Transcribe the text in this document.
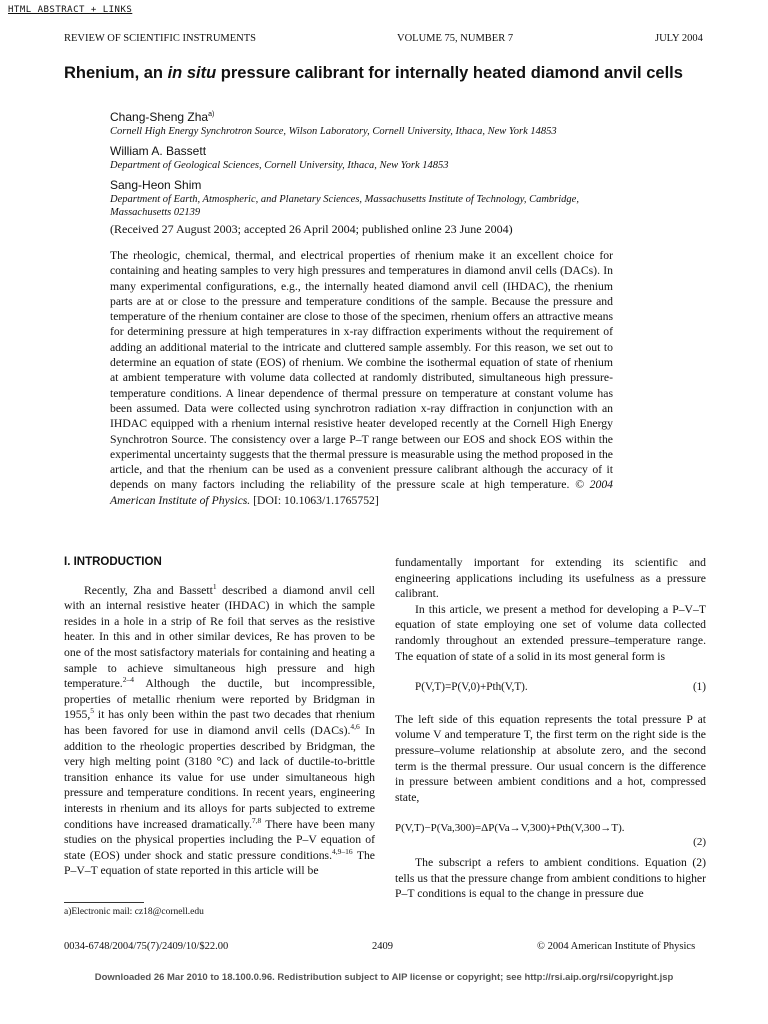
HTML ABSTRACT + LINKS
REVIEW OF SCIENTIFIC INSTRUMENTS	VOLUME 75, NUMBER 7	JULY 2004
Rhenium, an in situ pressure calibrant for internally heated diamond anvil cells
Chang-Sheng Zha$^{a)}$
Cornell High Energy Synchrotron Source, Wilson Laboratory, Cornell University, Ithaca, New York 14853
William A. Bassett
Department of Geological Sciences, Cornell University, Ithaca, New York 14853
Sang-Heon Shim
Department of Earth, Atmospheric, and Planetary Sciences, Massachusetts Institute of Technology, Cambridge, Massachusetts 02139
(Received 27 August 2003; accepted 26 April 2004; published online 23 June 2004)
The rheologic, chemical, thermal, and electrical properties of rhenium make it an excellent choice for containing and heating samples to very high pressures and temperatures in diamond anvil cells (DACs). In many experimental configurations, e.g., the internally heated diamond anvil cell (IHDAC), the rhenium parts are at or close to the pressure and temperature conditions of the sample. Because the pressure and temperature of the rhenium container are close to those of the specimen, rhenium offers an attractive means for determining pressure at high temperatures in x-ray diffraction experiments without the requirement of adding an additional material to the intricate and cluttered sample assembly. For this reason, we set out to determine an equation of state (EOS) of rhenium. We combine the isothermal equation of state of rhenium at ambient temperature with volume data collected at randomly distributed, simultaneous high pressure-temperature conditions. A linear dependence of thermal pressure on temperature at constant volume has been assumed. Data were collected using synchrotron radiation x-ray diffraction in conjunction with an IHDAC equipped with a rhenium internal resistive heater developed recently at the Cornell High Energy Synchrotron Source. The consistency over a large P–T range between our EOS and shock EOS within the experimental uncertainty suggests that the thermal pressure is measurable using the method proposed in the article, and that the rhenium can be used as a convenient pressure calibrant although the accuracy of it depends on many factors including the reliability of the pressure scale at high temperature. © 2004 American Institute of Physics. [DOI: 10.1063/1.1765752]
I. INTRODUCTION

Recently, Zha and Bassett$^1$ described a diamond anvil cell with an internal resistive heater (IHDAC) in which the sample resides in a hole in a strip of Re foil that serves as the resistive heater. In this and in other similar devices, Re has proven to be one of the most satisfactory materials for containing and heating a sample to achieve simultaneous high pressure and high temperature.$^{2-4}$ Although the ductile, but incompressible, properties of metallic rhenium were reported by Bridgman in 1955,$^5$ it has only been within the past two decades that rhenium has been favored for use in diamond anvil cells (DACs).$^{4,6}$ In addition to the rheologic properties described by Bridgman, the very high melting point (3180 °C) and lack of ductile-to-brittle transition enhance its value for use under simultaneous high pressure and temperature conditions. In recent years, engineering interests in rhenium and its alloys for parts subjected to extreme conditions have increased dramatically.$^{7,8}$ There have been many studies on the physical properties including the P–V equation of state (EOS) under shock and static pressure conditions.$^{4,9-16}$ The P–V–T equation of state reported in this article will be

fundamentally important for extending its scientific and engineering applications including its usefulness as a pressure calibrant.

In this article, we present a method for developing a P–V–T equation of state employing one set of volume data collected randomly throughout an extended pressure–temperature range. The equation of state of a solid in its most general form is

P(V,T)=P(V,0)+Pth(V,T).	(1)

The left side of this equation represents the total pressure P at volume V and temperature T, the first term on the right side is the pressure–volume relationship at absolute zero, and the second term is the thermal pressure. Our usual concern is the difference in pressure between ambient conditions and a hot, compressed state,

P(V,T)−P(Va,300)=ΔP(Va→V,300)+Pth(V,300→T).
(2)

The subscript a refers to ambient conditions. Equation (2) tells us that the pressure change from ambient conditions to higher P–T conditions is equal to the change in pressure due

a)Electronic mail: cz18@cornell.edu
0034-6748/2004/75(7)/2409/10/$22.00	2409	© 2004 American Institute of Physics
Downloaded 26 Mar 2010 to 18.100.0.96. Redistribution subject to AIP license or copyright; see http://rsi.aip.org/rsi/copyright.jsp
